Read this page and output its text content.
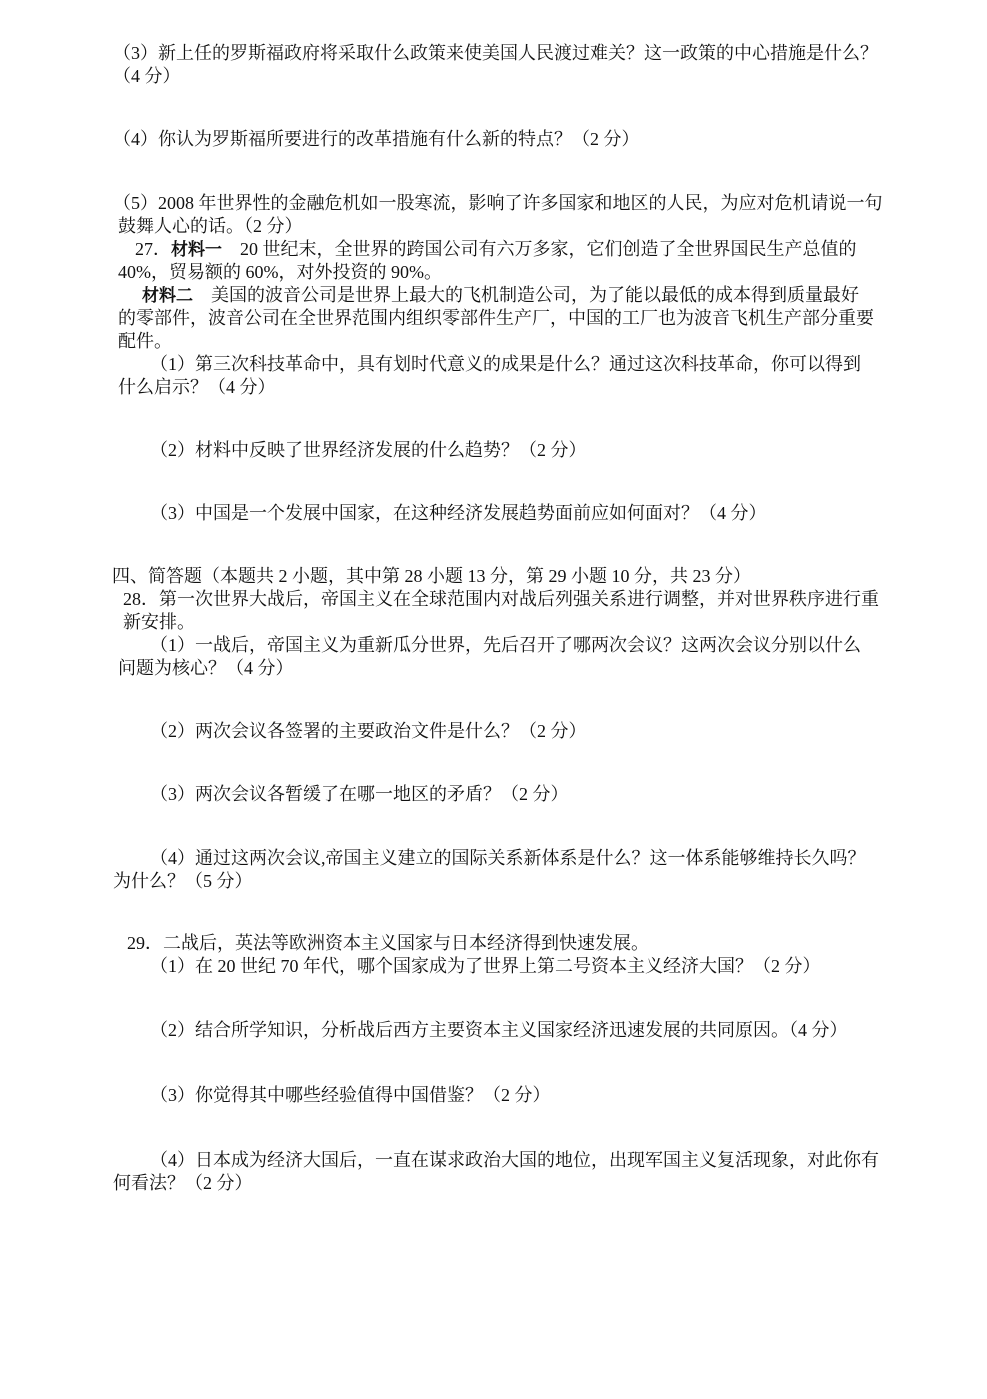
（3）新上任的罗斯福政府将采取什么政策来使美国人民渡过难关？这一政策的中心措施是什么？
（4 分）
（4）你认为罗斯福所要进行的改革措施有什么新的特点？（2 分）
（5）2008 年世界性的金融危机如一股寒流，影响了许多国家和地区的人民，为应对危机请说一句
鼓舞人心的话。（2 分）
27．材料一　20 世纪末，全世界的跨国公司有六万多家，它们创造了全世界国民生产总值的
40%，贸易额的 60%，对外投资的 90%。
材料二　美国的波音公司是世界上最大的飞机制造公司，为了能以最低的成本得到质量最好
的零部件，波音公司在全世界范围内组织零部件生产厂，中国的工厂也为波音飞机生产部分重要
配件。
（1）第三次科技革命中，具有划时代意义的成果是什么？通过这次科技革命，你可以得到
什么启示？（4 分）
（2）材料中反映了世界经济发展的什么趋势？（2 分）
（3）中国是一个发展中国家，在这种经济发展趋势面前应如何面对？（4 分）
四、简答题（本题共 2 小题，其中第 28 小题 13 分，第 29 小题 10 分，共 23 分）
28．第一次世界大战后，帝国主义在全球范围内对战后列强关系进行调整，并对世界秩序进行重
新安排。
（1）一战后，帝国主义为重新瓜分世界，先后召开了哪两次会议？这两次会议分别以什么
问题为核心？（4 分）
（2）两次会议各签署的主要政治文件是什么？（2 分）
（3）两次会议各暂缓了在哪一地区的矛盾？（2 分）
（4）通过这两次会议,帝国主义建立的国际关系新体系是什么？这一体系能够维持长久吗？
为什么？（5 分）
29．二战后，英法等欧洲资本主义国家与日本经济得到快速发展。
（1）在 20 世纪 70 年代，哪个国家成为了世界上第二号资本主义经济大国？（2 分）
（2）结合所学知识，分析战后西方主要资本主义国家经济迅速发展的共同原因。（4 分）
（3）你觉得其中哪些经验值得中国借鉴？（2 分）
（4）日本成为经济大国后，一直在谋求政治大国的地位，出现军国主义复活现象，对此你有
何看法？（2 分）
